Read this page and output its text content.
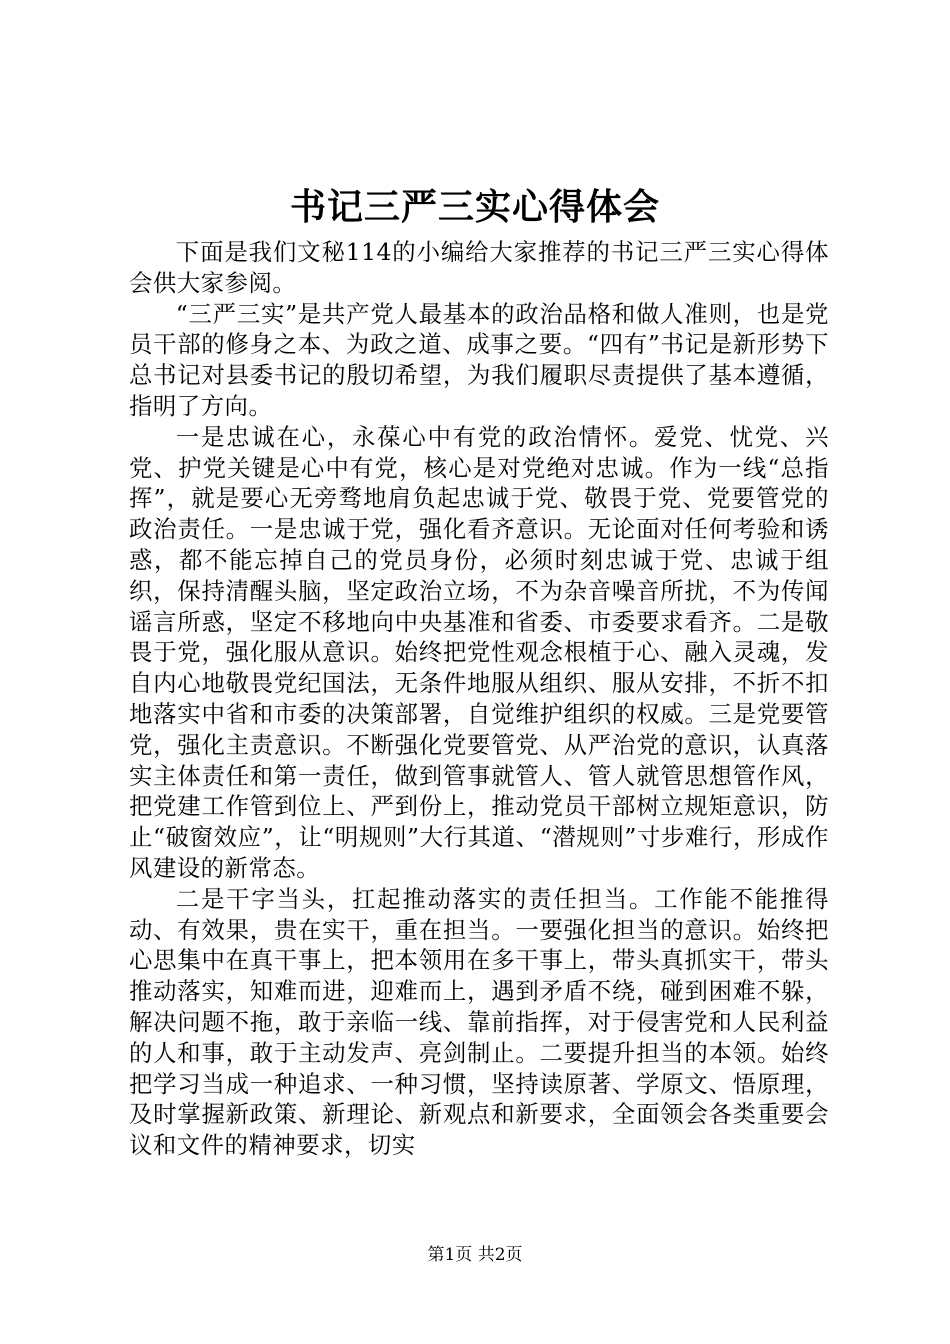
书记三严三实心得体会

下面是我们文秘114的小编给大家推荐的书记三严三实心得体会供大家参阅。

“三严三实”是共产党人最基本的政治品格和做人准则，也是党员干部的修身之本、为政之道、成事之要。“四有”书记是新形势下总书记对县委书记的殷切希望，为我们履职尽责提供了基本遵循，指明了方向。

一是忠诚在心，永葆心中有党的政治情怀。爱党、忧党、兴党、护党关键是心中有党，核心是对党绝对忠诚。作为一线“总指挥”，就是要心无旁骛地肩负起忠诚于党、敬畏于党、党要管党的政治责任。一是忠诚于党，强化看齐意识。无论面对任何考验和诱惑，都不能忘掉自己的党员身份，必须时刻忠诚于党、忠诚于组织，保持清醒头脑，坚定政治立场，不为杂音噪音所扰，不为传闻谣言所惑，坚定不移地向中央基准和省委、市委要求看齐。二是敬畏于党，强化服从意识。始终把党性观念根植于心、融入灵魂，发自内心地敬畏党纪国法，无条件地服从组织、服从安排，不折不扣地落实中省和市委的决策部署，自觉维护组织的权威。三是党要管党，强化主责意识。不断强化党要管党、从严治党的意识，认真落实主体责任和第一责任，做到管事就管人、管人就管思想管作风，把党建工作管到位上、严到份上，推动党员干部树立规矩意识，防止“破窗效应”，让“明规则”大行其道、“潜规则”寸步难行，形成作风建设的新常态。

二是干字当头，扛起推动落实的责任担当。工作能不能推得动、有效果，贵在实干，重在担当。一要强化担当的意识。始终把心思集中在真干事上，把本领用在多干事上，带头真抓实干，带头推动落实，知难而进，迎难而上，遇到矛盾不绕，碰到困难不躲，解决问题不拖，敢于亲临一线、靠前指挥，对于侵害党和人民利益的人和事，敢于主动发声、亮剑制止。二要提升担当的本领。始终把学习当成一种追求、一种习惯，坚持读原著、学原文、悟原理，及时掌握新政策、新理论、新观点和新要求，全面领会各类重要会议和文件的精神要求，切实

第1页 共2页
